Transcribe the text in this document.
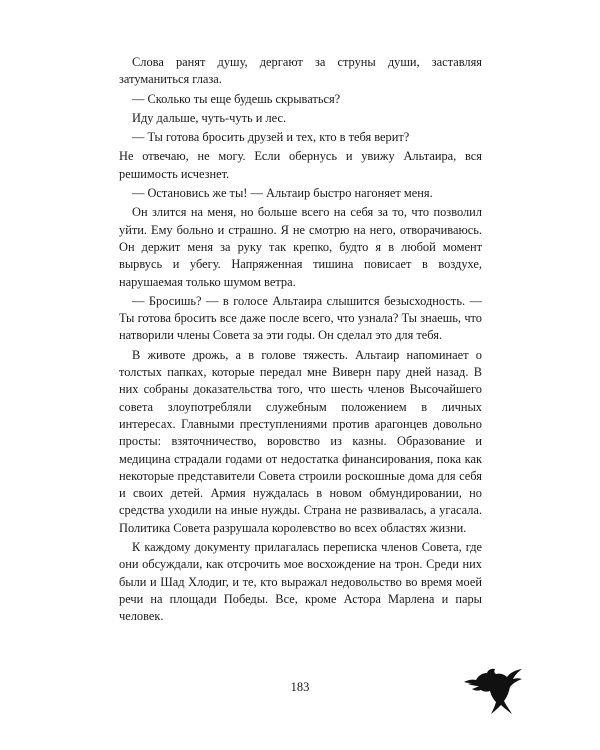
Слова ранят душу, дергают за струны души, заставляя затуманиться глаза.

— Сколько ты еще будешь скрываться?

Иду дальше, чуть-чуть и лес.

— Ты готова бросить друзей и тех, кто в тебя верит?

Не отвечаю, не могу. Если обернусь и увижу Альтаира, вся решимость исчезнет.

— Остановись же ты! — Альтаир быстро нагоняет меня.

Он злится на меня, но больше всего на себя за то, что позволил уйти. Ему больно и страшно. Я не смотрю на него, отворачиваюсь. Он держит меня за руку так крепко, будто я в любой момент вырвусь и убегу. Напряженная тишина повисает в воздухе, нарушаемая только шумом ветра.

— Бросишь? — в голосе Альтаира слышится безысходность. — Ты готова бросить все даже после всего, что узнала? Ты знаешь, что натворили члены Совета за эти годы. Он сделал это для тебя.

В животе дрожь, а в голове тяжесть. Альтаир напоминает о толстых папках, которые передал мне Виверн пару дней назад. В них собраны доказательства того, что шесть членов Высочайшего совета злоупотребляли служебным положением в личных интересах. Главными преступлениями против арагонцев довольно просты: взяточничество, воровство из казны. Образование и медицина страдали годами от недостатка финансирования, пока как некоторые представители Совета строили роскошные дома для себя и своих детей. Армия нуждалась в новом обмундировании, но средства уходили на иные нужды. Страна не развивалась, а угасала. Политика Совета разрушала королевство во всех областях жизни.

К каждому документу прилагалась переписка членов Совета, где они обсуждали, как отсрочить мое восхождение на трон. Среди них были и Шад Хлодиг, и те, кто выражал недовольство во время моей речи на площади Победы. Все, кроме Астора Марлена и пары человек.

183
